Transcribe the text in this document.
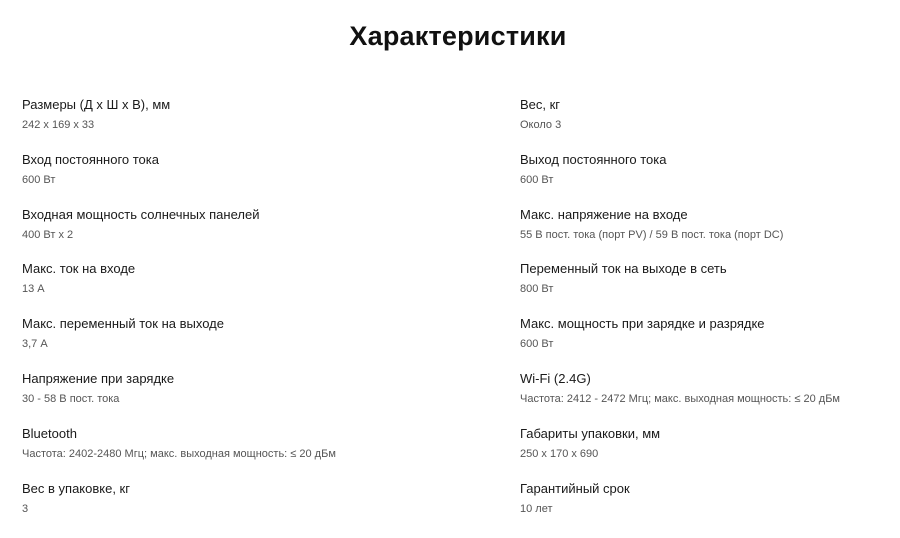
Характеристики
Размеры (Д x Ш x В), мм
242 x 169 x 33
Вес, кг
Около 3
Вход постоянного тока
600 Вт
Выход постоянного тока
600 Вт
Входная мощность солнечных панелей
400 Вт x 2
Макс. напряжение на входе
55 В пост. тока (порт PV) / 59 В пост. тока (порт DC)
Макс. ток на входе
13 А
Переменный ток на выходе в сеть
800 Вт
Макс. переменный ток на выходе
3,7 А
Макс. мощность при зарядке и разрядке
600 Вт
Напряжение при зарядке
30 - 58 В пост. тока
Wi-Fi (2.4G)
Частота: 2412 - 2472 Мгц; макс. выходная мощность: ≤ 20 дБм
Bluetooth
Частота: 2402-2480 Мгц; макс. выходная мощность: ≤ 20 дБм
Габариты упаковки, мм
250 x 170 x 690
Вес в упаковке, кг
3
Гарантийный срок
10 лет
